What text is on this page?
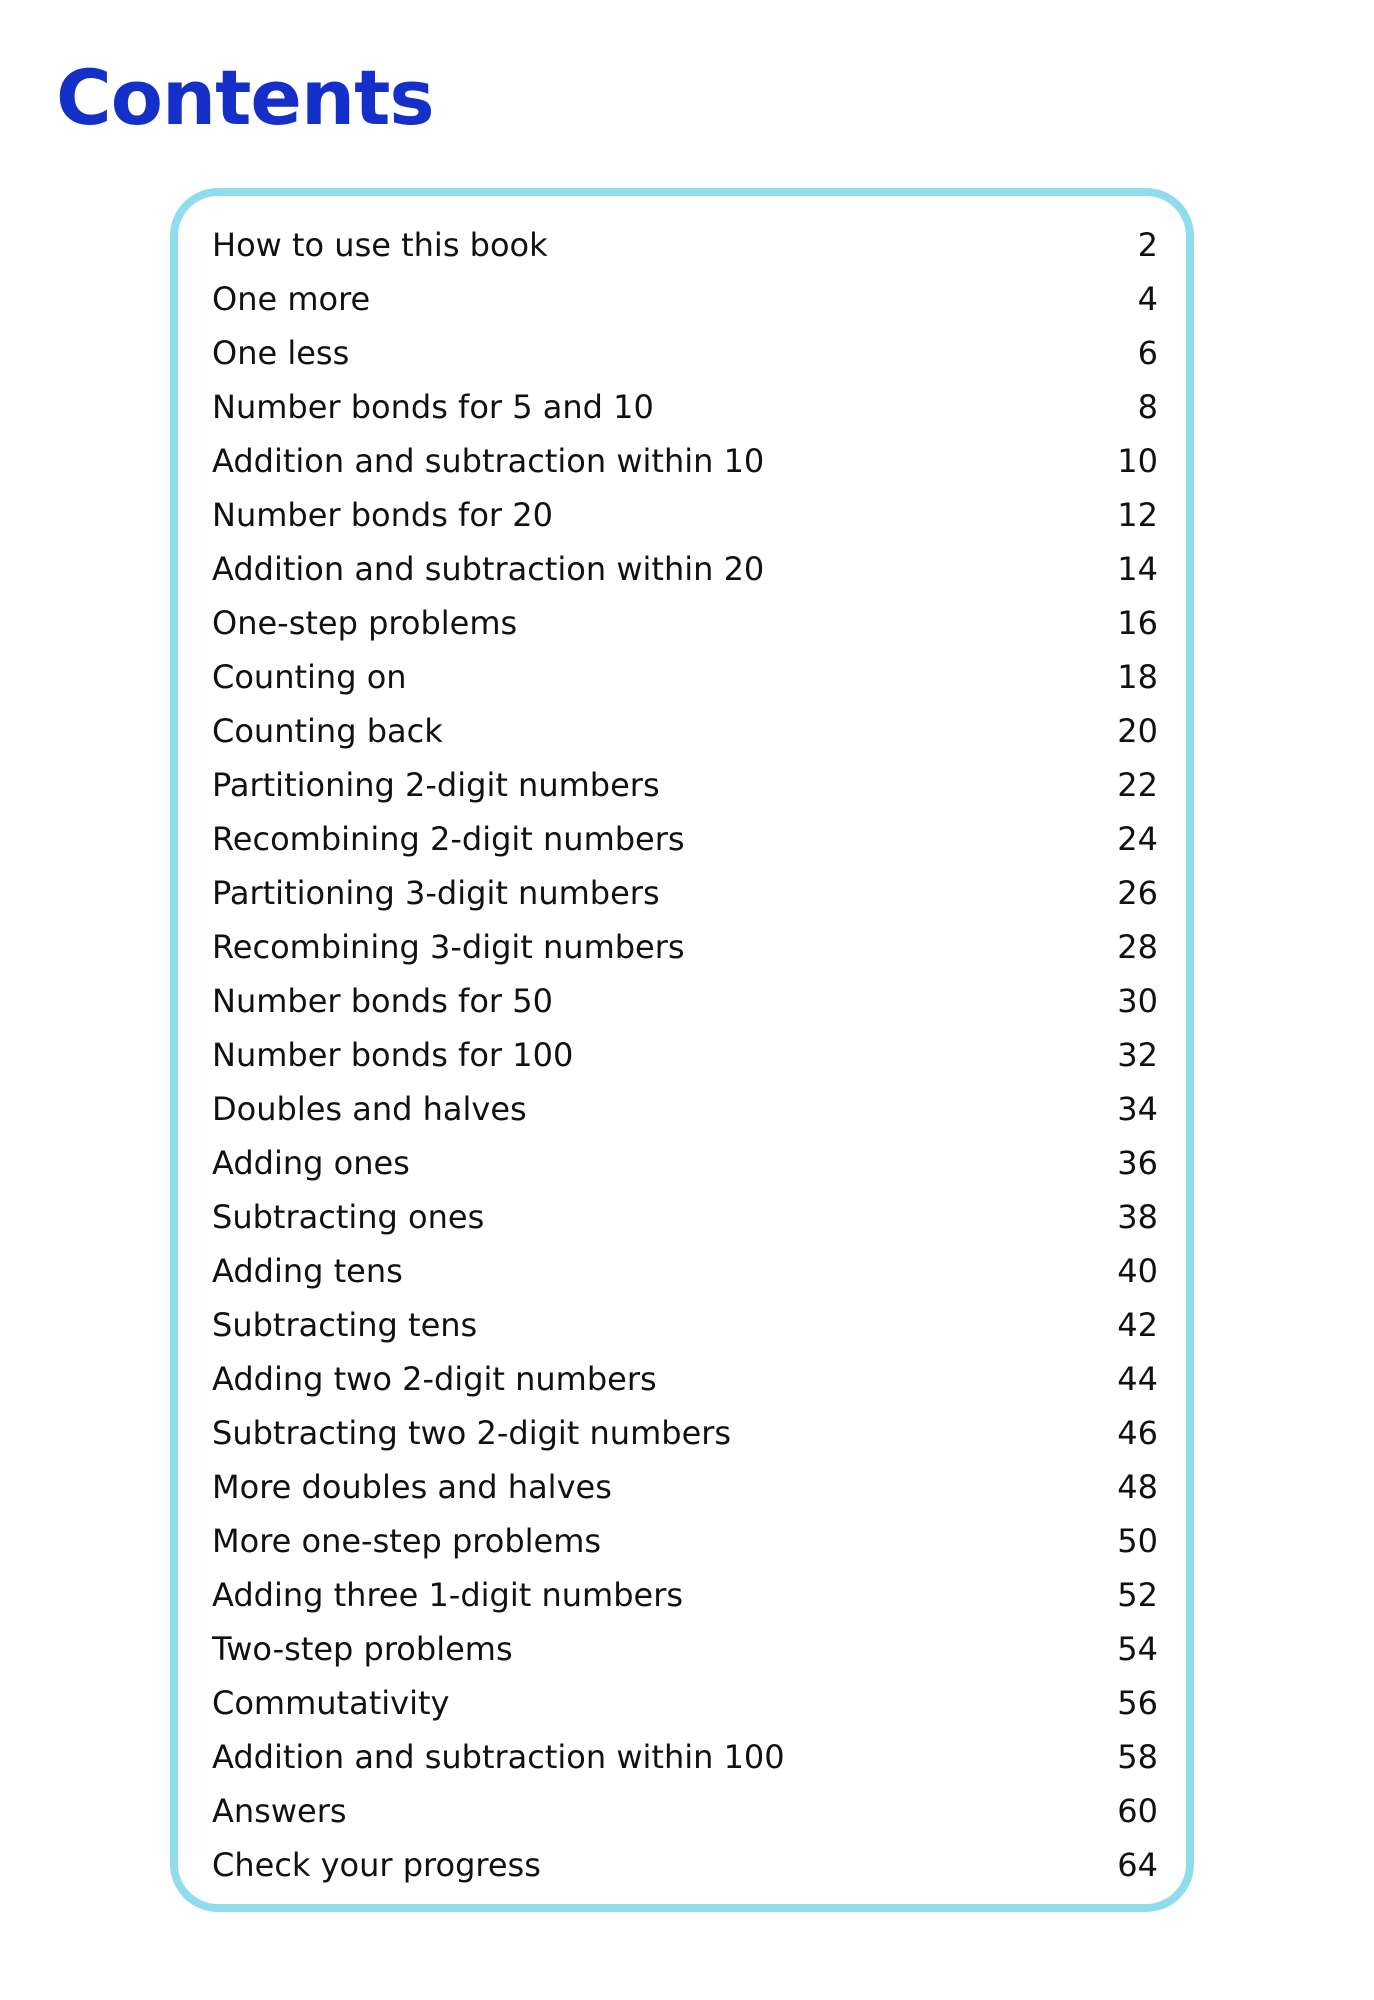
Contents
How to use this book	2
One more	4
One less	6
Number bonds for 5 and 10	8
Addition and subtraction within 10	10
Number bonds for 20	12
Addition and subtraction within 20	14
One-step problems	16
Counting on	18
Counting back	20
Partitioning 2-digit numbers	22
Recombining 2-digit numbers	24
Partitioning 3-digit numbers	26
Recombining 3-digit numbers	28
Number bonds for 50	30
Number bonds for 100	32
Doubles and halves	34
Adding ones	36
Subtracting ones	38
Adding tens	40
Subtracting tens	42
Adding two 2-digit numbers	44
Subtracting two 2-digit numbers	46
More doubles and halves	48
More one-step problems	50
Adding three 1-digit numbers	52
Two-step problems	54
Commutativity	56
Addition and subtraction within 100	58
Answers	60
Check your progress	64
